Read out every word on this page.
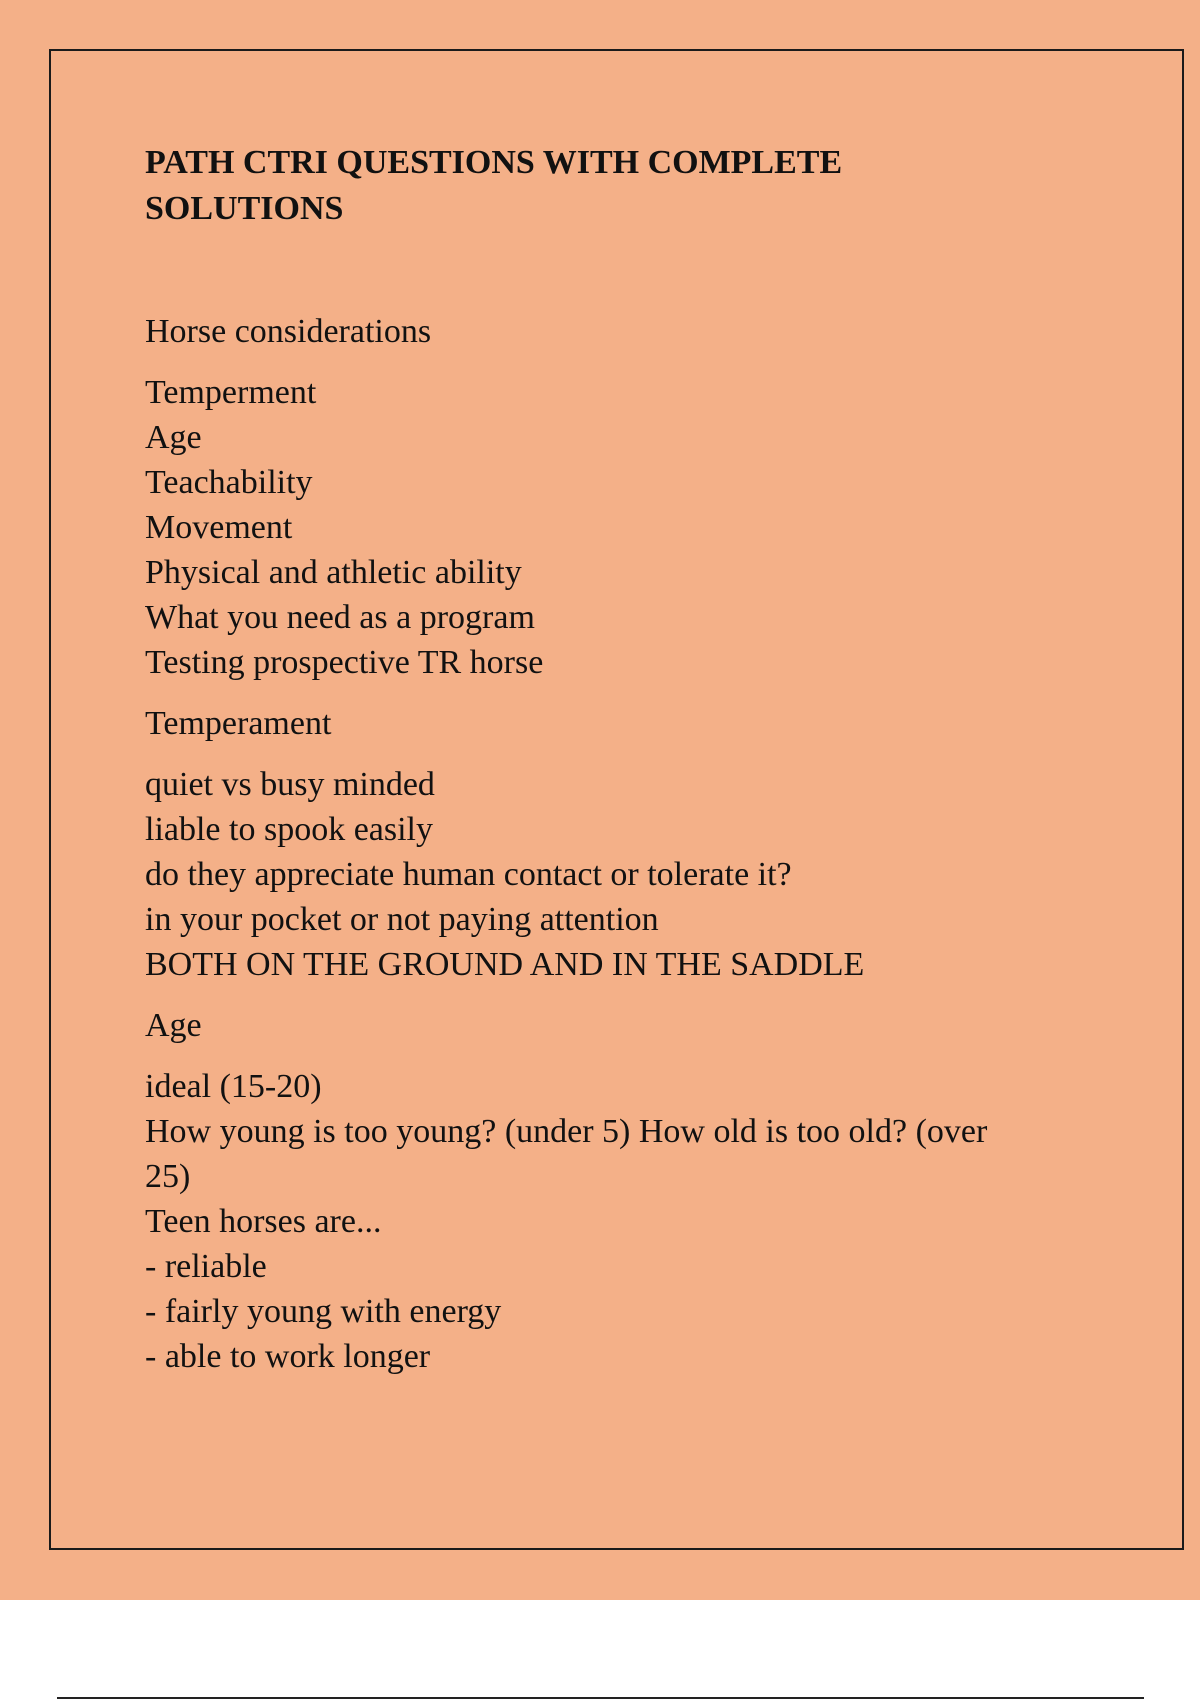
PATH CTRI QUESTIONS WITH COMPLETE
SOLUTIONS
Horse considerations
Temperment
Age
Teachability
Movement
Physical and athletic ability
What you need as a program
Testing prospective TR horse
Temperament
quiet vs busy minded
liable to spook easily
do they appreciate human contact or tolerate it?
in your pocket or not paying attention
BOTH ON THE GROUND AND IN THE SADDLE
Age
ideal (15-20)
How young is too young? (under 5) How old is too old? (over
25)
Teen horses are...
- reliable
- fairly young with energy
- able to work longer
